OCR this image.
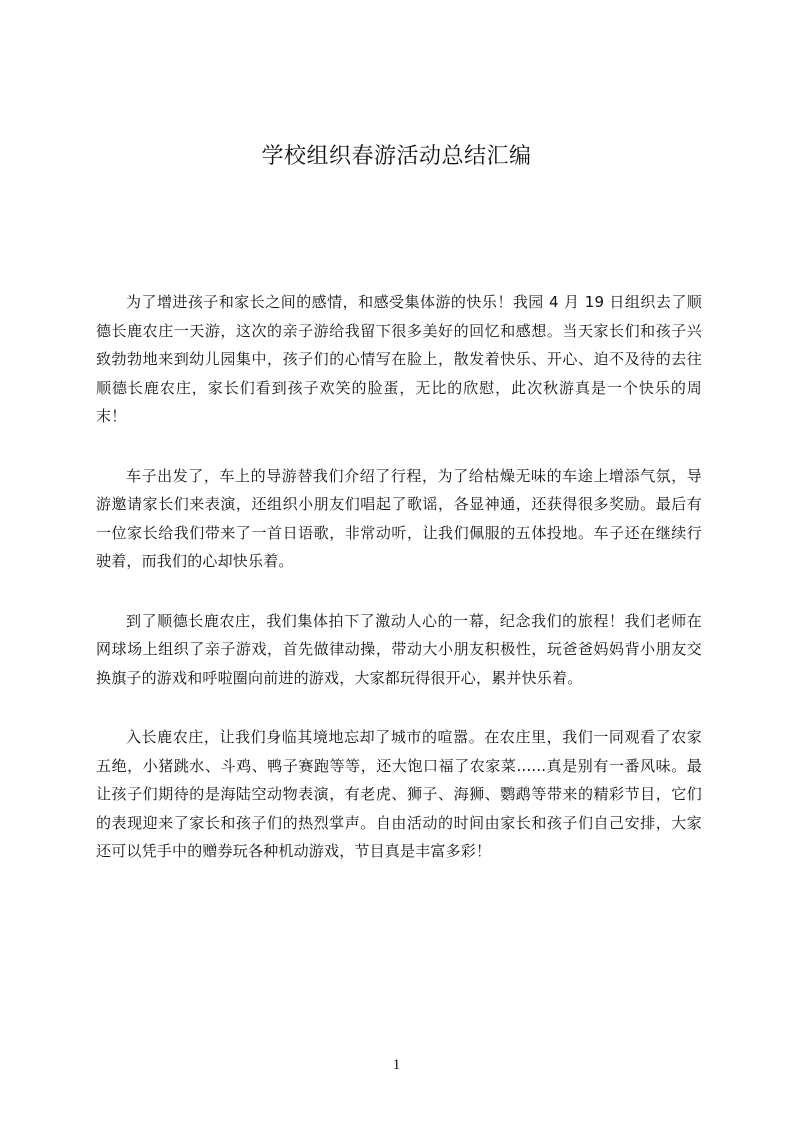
学校组织春游活动总结汇编

为了增进孩子和家长之间的感情，和感受集体游的快乐！我园 4 月 19 日组织去了顺德长鹿农庄一天游，这次的亲子游给我留下很多美好的回忆和感想。当天家长们和孩子兴致勃勃地来到幼儿园集中，孩子们的心情写在脸上，散发着快乐、开心、迫不及待的去往顺德长鹿农庄，家长们看到孩子欢笑的脸蛋，无比的欣慰，此次秋游真是一个快乐的周末！

车子出发了，车上的导游替我们介绍了行程，为了给枯燥无味的车途上增添气氛，导游邀请家长们来表演，还组织小朋友们唱起了歌谣，各显神通，还获得很多奖励。最后有一位家长给我们带来了一首日语歌，非常动听，让我们佩服的五体投地。车子还在继续行驶着，而我们的心却快乐着。

到了顺德长鹿农庄，我们集体拍下了激动人心的一幕，纪念我们的旅程！我们老师在网球场上组织了亲子游戏，首先做律动操，带动大小朋友积极性，玩爸爸妈妈背小朋友交换旗子的游戏和呼啦圈向前进的游戏，大家都玩得很开心，累并快乐着。

入长鹿农庄，让我们身临其境地忘却了城市的喧嚣。在农庄里，我们一同观看了农家五绝，小猪跳水、斗鸡、鸭子赛跑等等，还大饱口福了农家菜......真是别有一番风味。最让孩子们期待的是海陆空动物表演，有老虎、狮子、海狮、鹦鹉等带来的精彩节目，它们的表现迎来了家长和孩子们的热烈掌声。自由活动的时间由家长和孩子们自己安排，大家还可以凭手中的赠券玩各种机动游戏，节目真是丰富多彩！

1
